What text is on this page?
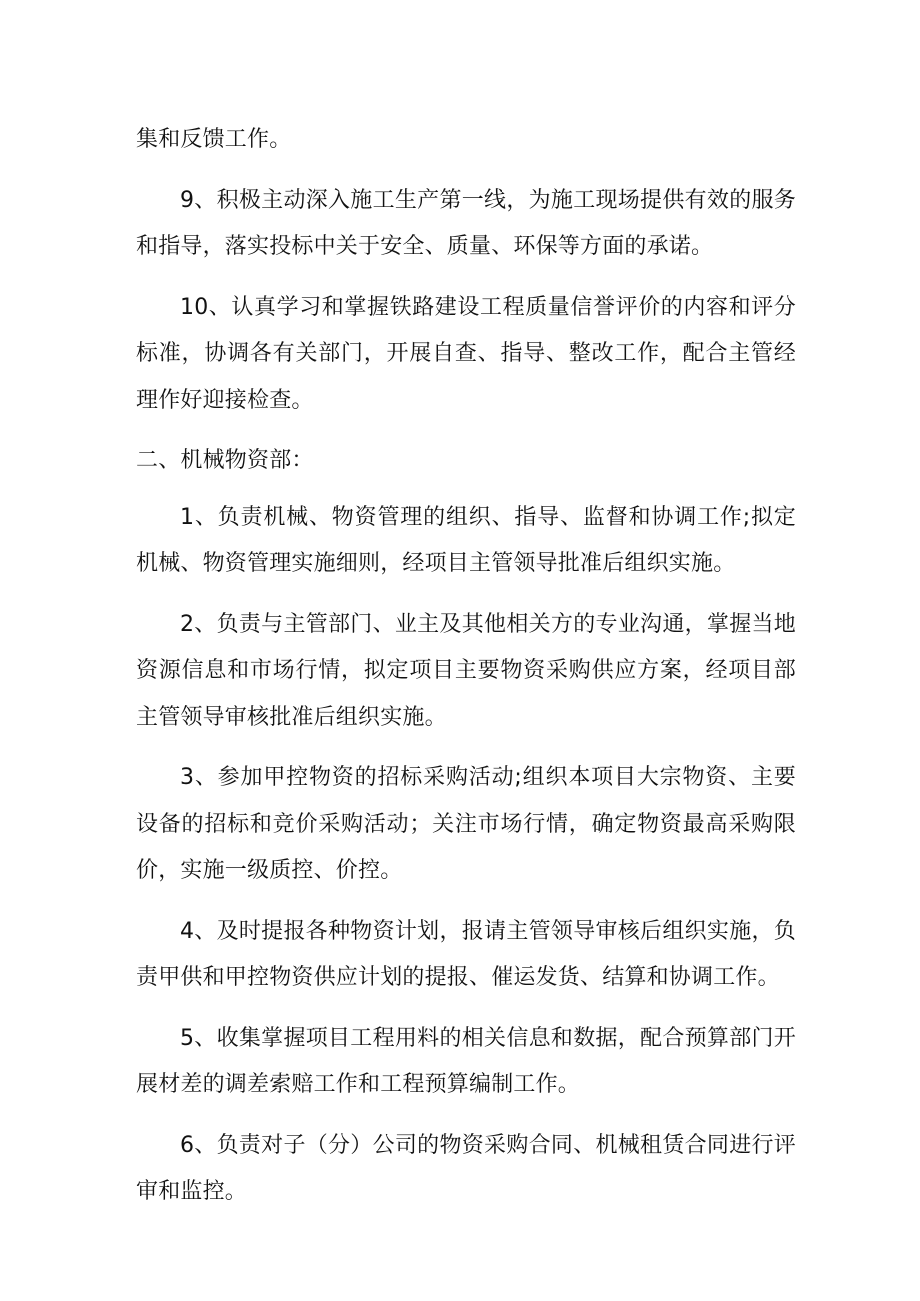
集和反馈工作。

9、积极主动深入施工生产第一线，为施工现场提供有效的服务和指导，落实投标中关于安全、质量、环保等方面的承诺。

10、认真学习和掌握铁路建设工程质量信誉评价的内容和评分标准，协调各有关部门，开展自查、指导、整改工作，配合主管经理作好迎接检查。

二、机械物资部：

1、负责机械、物资管理的组织、指导、监督和协调工作;拟定机械、物资管理实施细则，经项目主管领导批准后组织实施。

2、负责与主管部门、业主及其他相关方的专业沟通，掌握当地资源信息和市场行情，拟定项目主要物资采购供应方案，经项目部主管领导审核批准后组织实施。

3、参加甲控物资的招标采购活动;组织本项目大宗物资、主要设备的招标和竞价采购活动；关注市场行情，确定物资最高采购限价，实施一级质控、价控。

4、及时提报各种物资计划，报请主管领导审核后组织实施，负责甲供和甲控物资供应计划的提报、催运发货、结算和协调工作。

5、收集掌握项目工程用料的相关信息和数据，配合预算部门开展材差的调差索赔工作和工程预算编制工作。

6、负责对子（分）公司的物资采购合同、机械租赁合同进行评审和监控。
